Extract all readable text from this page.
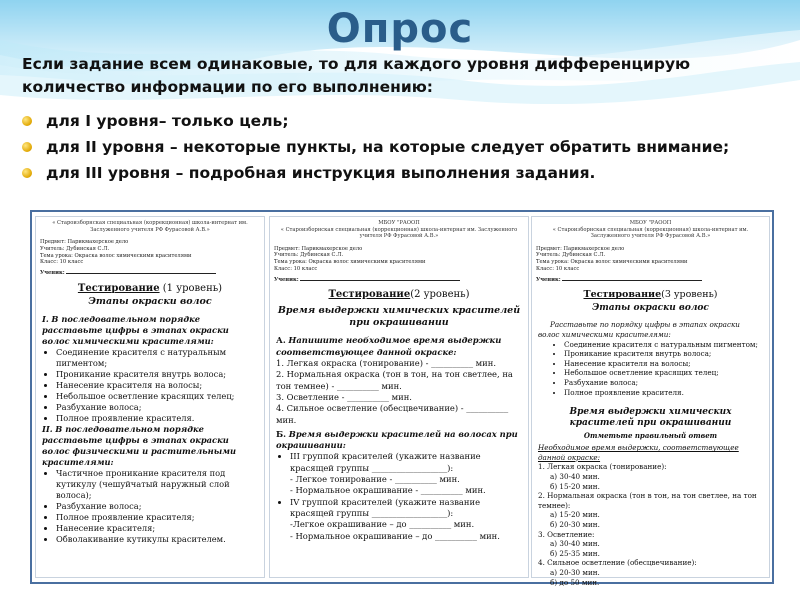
Опрос
Если задание всем одинаковые, то для каждого уровня дифференцирую количество информации по его выполнению:
для I уровня– только цель;
для II уровня – некоторые пункты, на которые следует обратить внимание;
для III уровня – подробная инструкция выполнения задания.
« Староизборнская специальная (коррекционная) школа-интернат им. Заслуженного учителя РФ Фурасовой А.В.»
Предмет: Парикмахерское дело
Учитель: Дубинская С.Л.
Тема урока: Окраска волос химическими красителями
Класс: 10 класс
Ученик:
Тестирование (1 уровень)
Этапы окраски волос

I. В последовательном порядке расставьте цифры в этапах окраски волос химическими красителями:

• Соединение красителя с натуральным пигментом;
• Проникание красителя внутрь волоса;
• Нанесение красителя на волосы;
• Небольшое осветление красящих телец;
• Разбухание волоса;
• Полное проявление красителя.

II. В последовательном порядке расставьте цифры в этапах окраски волос физическими и растительными красителями:

• Частичное проникание красителя под кутикулу (чешуйчатый наружный слой волоса);
• Разбухание волоса;
• Полное проявление красителя;
• Нанесение красителя;
• Обволакивание кутикулы красителем.
МБОУ "РАООП
« Староизборнская специальная (коррекционная) школа-интернат им. Заслуженного учителя РФ Фурасовой А.В.»
Предмет: Парикмахерское дело
Учитель: Дубинская С.Л.
Тема урока: Окраска волос химическими красителями
Класс: 10 класс
Ученик:
Тестирование(2 уровень)
Время выдержки химических красителей при окрашивании

А. Напишите необходимое время выдержки соответствующее данной окраске:

1. Легкая окраска (тонирование) - __________ мин.

2. Нормальная окраска (тон в тон, на тон светлее, на тон темнее) - __________ мин.

3. Осветление - __________ мин.

4. Сильное осветление (обесцвечивание) - __________ мин.

Б. Время выдержки красителей на волосах при окрашивании:

• III группой красителей (укажите название красящей группы __________________):

- Легкое тонирование - __________ мин.

- Нормальное окрашивание - __________ мин.

• IV группой красителей (укажите название красящей группы __________________):

-Легкое окрашивание – до __________ мин.

- Нормальное окрашивание – до __________ мин.

МБОУ "РАООП
« Староизборнская специальная (коррекционная) школа-интернат им. Заслуженного учителя РФ Фурасовой А.В.»
Предмет: Парикмахерское дело
Учитель: Дубинская С.Л.
Тема урока: Окраска волос химическими красителями
Класс: 10 класс
Ученик:
Тестирование(3 уровень)
Этапы окраски волос

Расставьте по порядку цифры в этапах окраски волос химическими красителями:

• Соединение красителя с натуральным пигментом;
• Проникание красителя внутрь волоса;
• Нанесение красителя на волосы;
• Небольшое осветление красящих телец;
• Разбухание волоса;
• Полное проявление красителя.
Время выдержки химических красителей при окрашивании
Отметьте правильный ответ

Необходимое время выдержки, соответствующее данной окраске:

1. Легкая окраска (тонирование):

а) 30-40 мин.

б) 15-20 мин.

2. Нормальная окраска (тон в тон, на тон светлее, на тон темнее):

а) 15-20 мин.

б) 20-30 мин.

3. Осветление:

а) 30-40 мин.

б) 25-35 мин.

4. Сильное осветление (обесцвечивание):

а) 20-30 мин.

б) до 50 мин.
